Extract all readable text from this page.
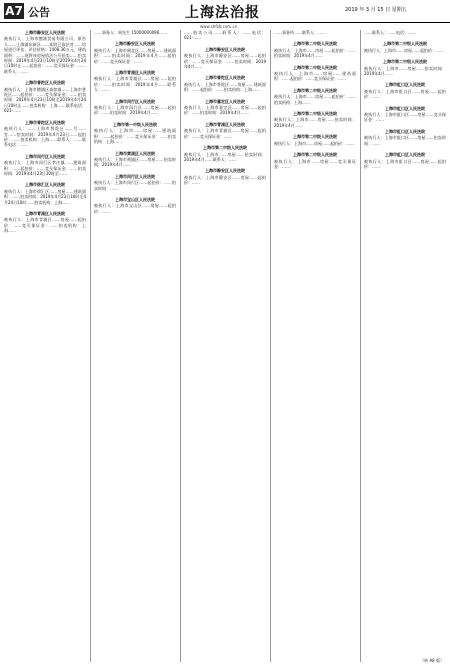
A7 公告	上海法治报	2019 年 3 月 15 日 星期五
www.shfzb.com.cn
上海市静安区人民法院

被执行人：上海市德浦贸易有限公司，原告人……上海浦东新区……本院已依法对……房屋进行评估，评估价格：1408.36万元，建筑面积：……现将该房屋依法公开拍卖……拍卖时间：2019年4月23日10时至2019年4月24日10时止……起拍价：……竞买保证金：……联系人：……

上海市普陀区人民法院

被执行人：上海市德浦区真如镇……上海市普陀区……起拍价：……竞买保证金：……拍卖时间：2019年4月23日10时至2019年4月24日10时止……拍卖机构：上海……联系电话：021-……

上海市普陀区人民法院

被执行人：……上海市普陀区……号……室……拍卖时间：2019年4月23日……起拍价：……拍卖机构：上海……联系人：……联系电话：……

上海市闵行区人民法院

被执行人：上海市闵行区莘庄镇……建筑面积：……起拍价：……竞买保证金：……拍卖时间：2019年4月23日10时至……

上海市徐汇区人民法院

被执行人：上海市徐汇区……房屋……建筑面积：……拍卖时间：2019年4月23日10时至4月24日10时……拍卖机构：上海……

上海市青浦区人民法院

被执行人：上海市青浦区……房屋……起拍价：……竞买保证金：……拍卖机构：上海……

……事务人：周先生 15000000096……

上海市静安区人民法院

被执行人：上海市闸北区……房屋……建筑面积：……拍卖时间：2019年4月……起拍价：……竞买保证金：……

上海市青浦区人民法院

被执行人：上海市青浦区……房屋……起拍价：……拍卖时间：2019年4月……联系人：……

上海市闵行区人民法院

被执行人：上海市闵行区……房屋……起拍价：……拍卖时间：2019年4月……

上海市第一中级人民法院

被执行人：上海市……房屋……建筑面积：……起拍价：……竞买保证金：……拍卖机构：上海……

上海市黄浦区人民法院

被执行人：上海市黄浦区……房屋……拍卖时间：2019年4月……

上海市闵行区人民法院

被执行人：上海市闵行区……起拍价：……拍卖时间：……

上海市宝山区人民法院

被执行人：上海市宝山区……房屋……起拍价：……

……拍卖公司……联系人：……电话：021-……

上海市静安区人民法院

被执行人：上海市静安区……房屋……起拍价：……竞买保证金：……拍卖时间：2019年4月……

上海市普陀区人民法院

被执行人：上海市普陀区……房屋……建筑面积：……起拍价：……拍卖机构：上海……

上海市嘉定区人民法院

被执行人：上海市嘉定区……房屋……起拍价：……拍卖时间：2019年4月……

上海市青浦区人民法院

被执行人：上海市青浦区……房屋……起拍价：……竞买保证金：……

上海市第二中级人民法院

被执行人：上海市……房屋……拍卖时间：2019年4月……联系人：……

上海市静安区人民法院

被执行人：上海市静安区……房屋……起拍价：……

……事务所……联系人：……

上海市第二中级人民法院

被执行人：上海市……房屋……起拍价：……拍卖时间：2019年4月……

上海市第二中级人民法院

被执行人：上海市……房屋……建筑面积：……起拍价：……竞买保证金：……

上海市第二中级人民法院

被执行人：上海市……房屋……起拍价：……拍卖机构：上海……

上海市第二中级人民法院

被执行人：上海市……房屋……拍卖时间：2019年4月……

上海市第二中级人民法院

被执行人：上海市……房屋……起拍价：……

上海市第二中级人民法院

被执行人：上海市……房屋……竞买保证金：……

……联系人：……电话：……

上海市第二中级人民法院

被执行人：上海市……房屋……起拍价：……

上海市第二中级人民法院

被执行人：上海市……房屋……拍卖时间：2019年4月……

上海市虹口区人民法院

被执行人：上海市虹口区……房屋……起拍价：……

上海市虹口区人民法院

被执行人：上海市虹口区……房屋……竞买保证金：……

上海市虹口区人民法院

被执行人：上海市虹口区……房屋……拍卖时间：……

上海市虹口区人民法院

被执行人：上海市虹口区……房屋……起拍价：……

（转 A8 版）
